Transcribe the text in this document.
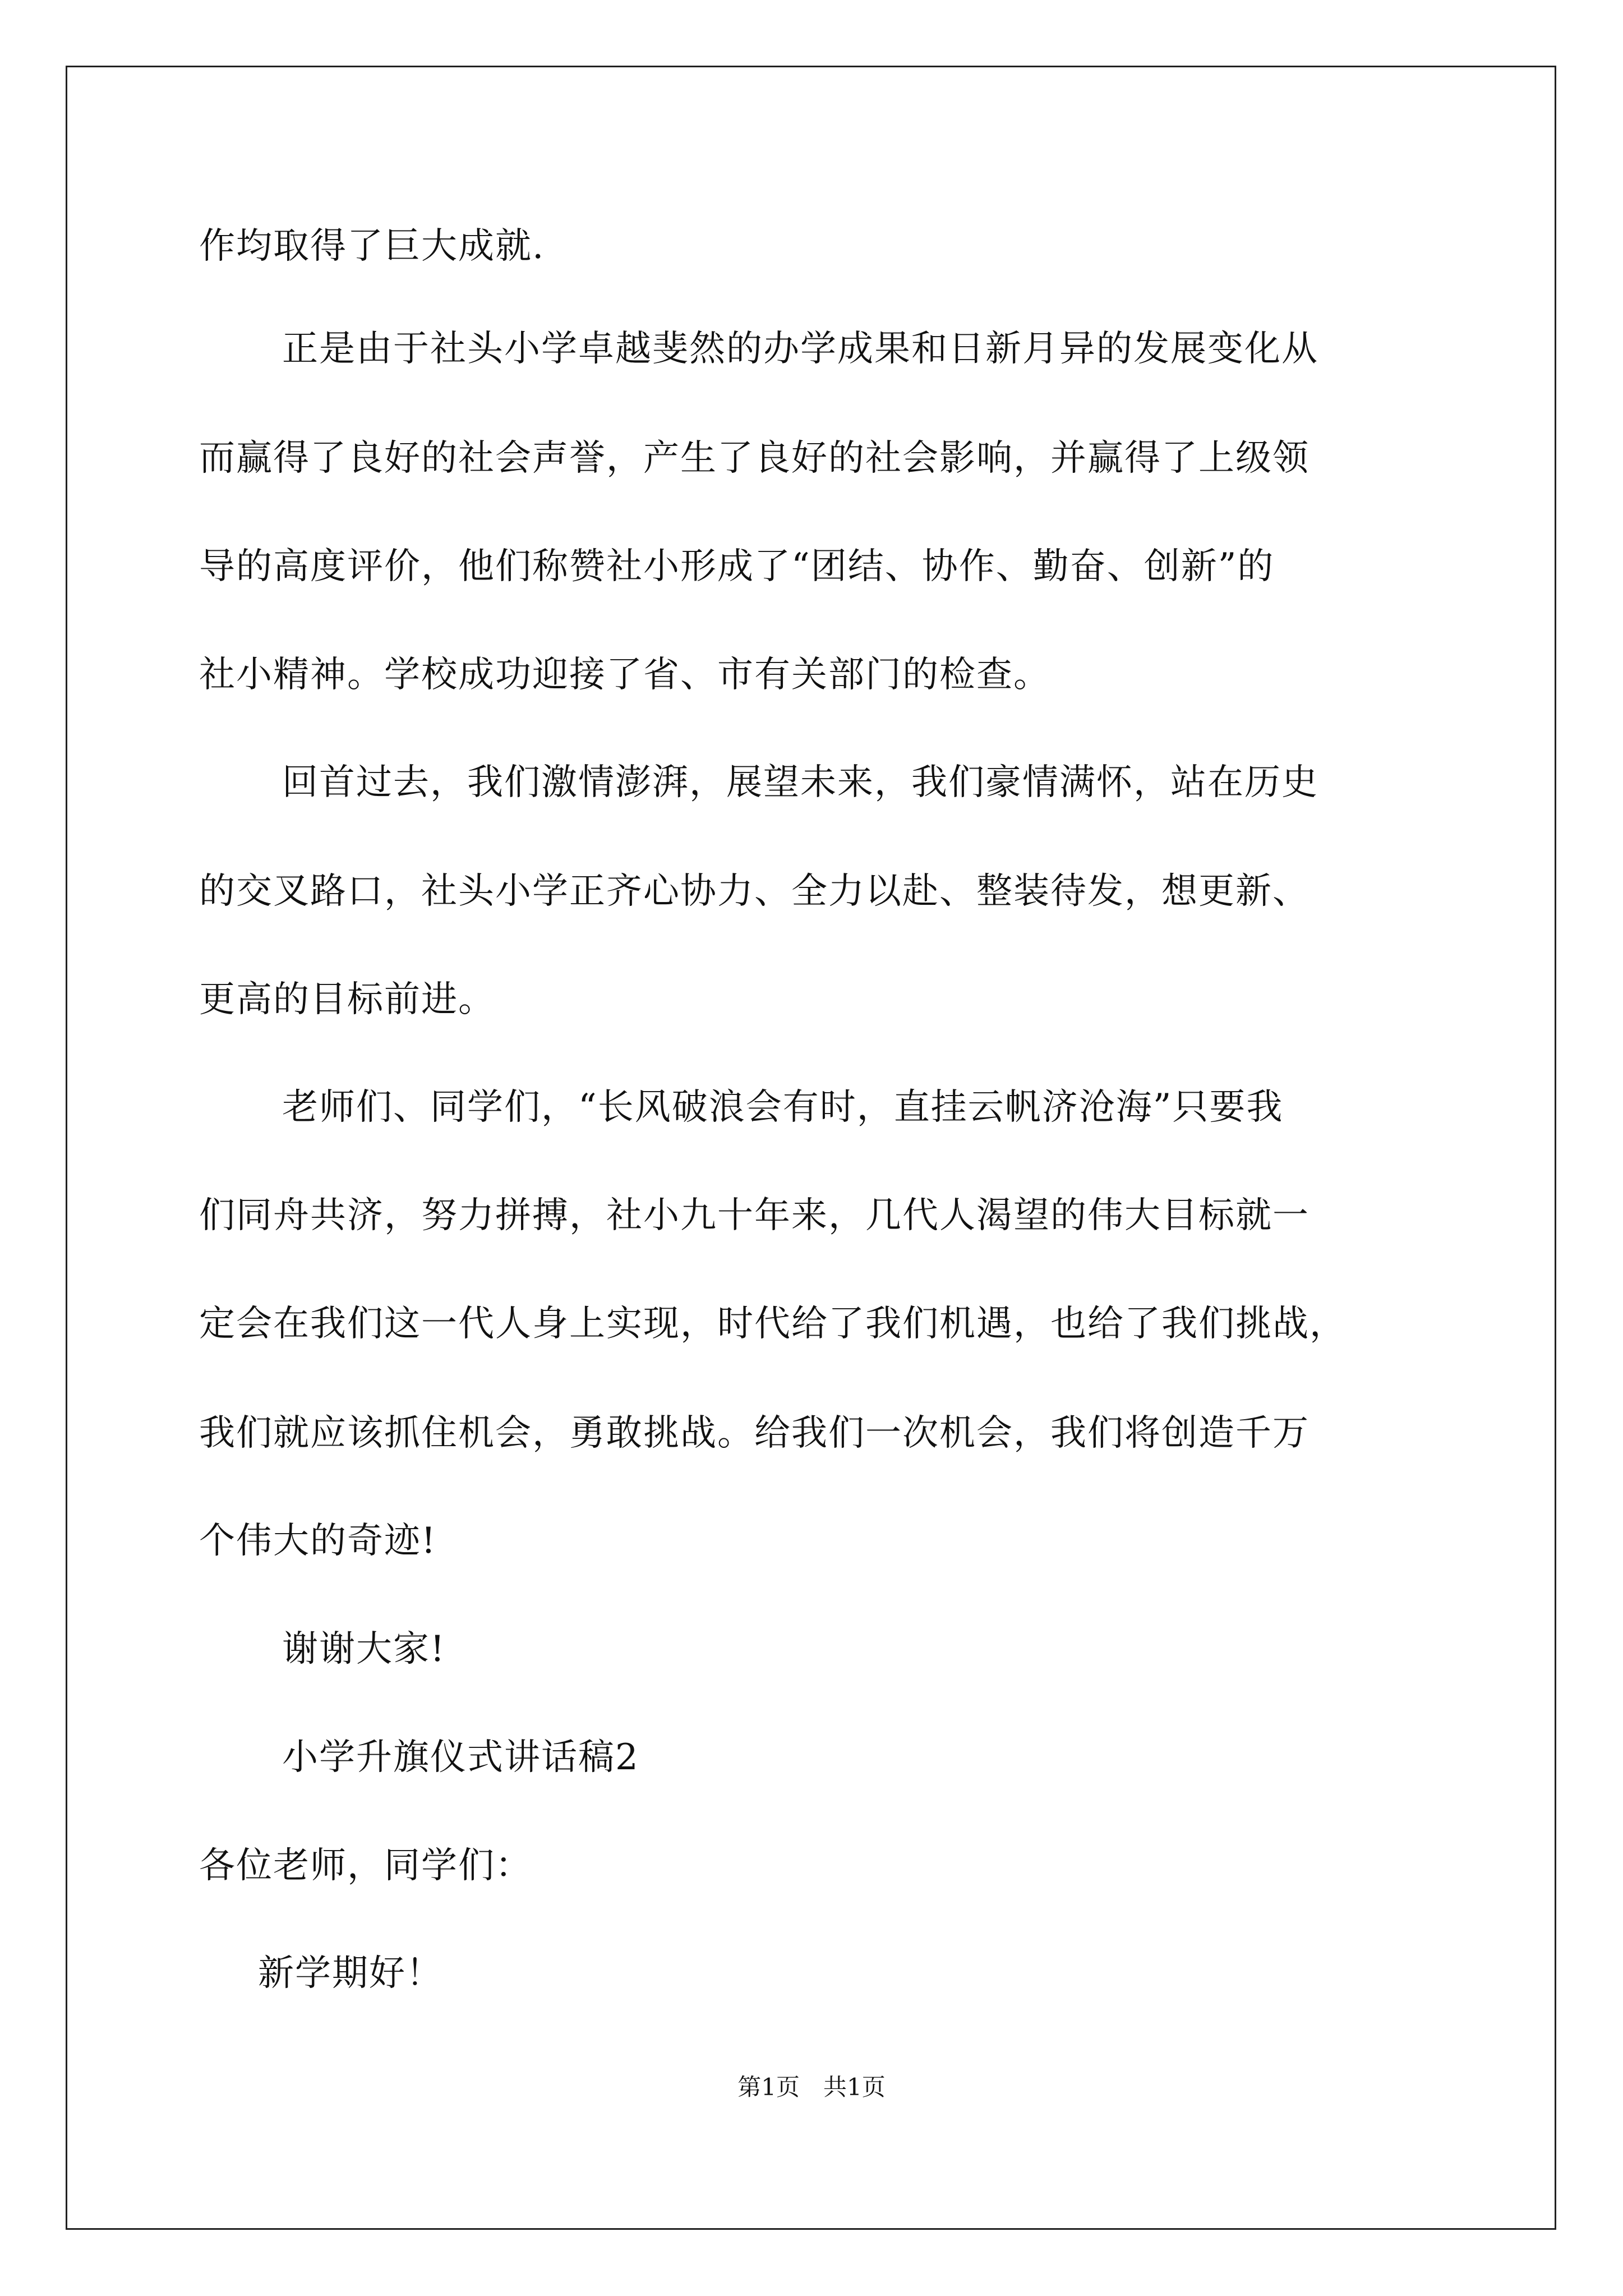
作均取得了巨大成就.
正是由于社头小学卓越斐然的办学成果和日新月异的发展变化从
而赢得了良好的社会声誉，产生了良好的社会影响，并赢得了上级领
导的高度评价，他们称赞社小形成了“团结、协作、勤奋、创新”的
社小精神。学校成功迎接了省、市有关部门的检查。
回首过去，我们激情澎湃，展望未来，我们豪情满怀，站在历史
的交叉路口，社头小学正齐心协力、全力以赴、整装待发，想更新、
更高的目标前进。
老师们、同学们，“长风破浪会有时，直挂云帆济沧海”只要我
们同舟共济，努力拼搏，社小九十年来，几代人渴望的伟大目标就一
定会在我们这一代人身上实现，时代给了我们机遇，也给了我们挑战，
我们就应该抓住机会，勇敢挑战。给我们一次机会，我们将创造千万
个伟大的奇迹!
谢谢大家!
小学升旗仪式讲话稿2
各位老师，同学们：
新学期好！
第1页　共1页
